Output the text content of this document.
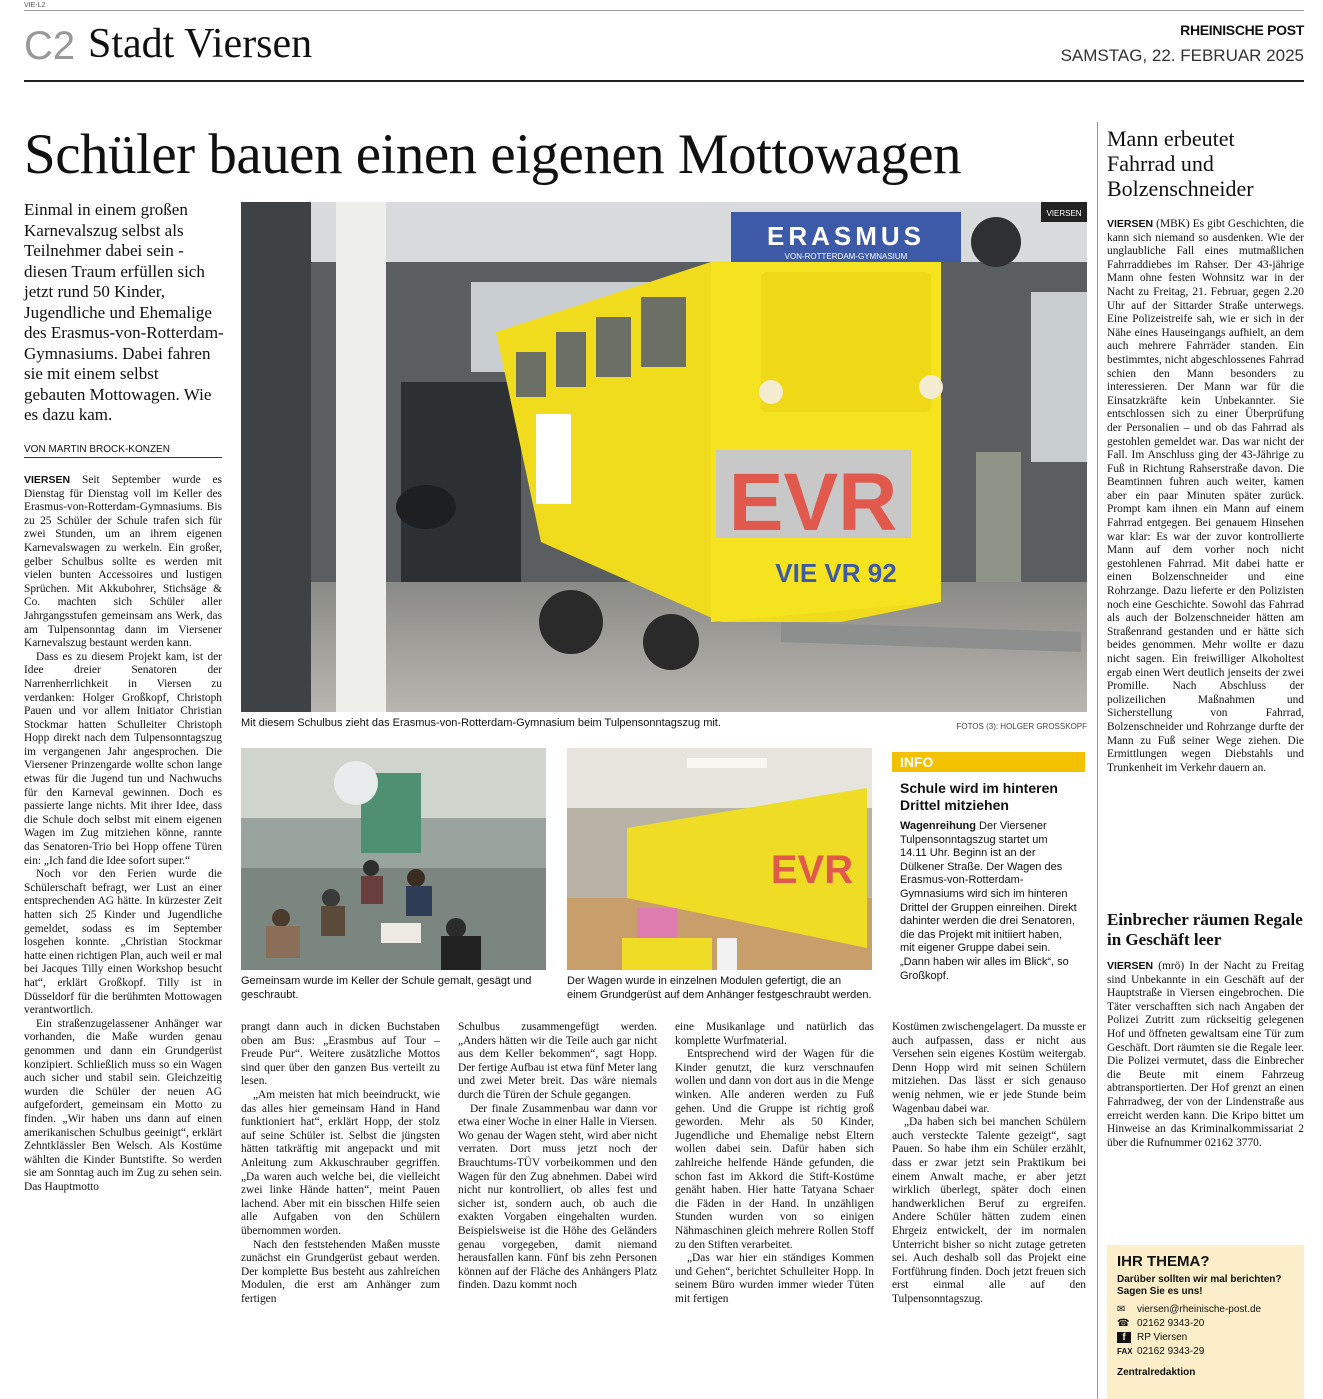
VIE-L2
C2 Stadt Viersen	RHEINISCHE POST
SAMSTAG, 22. FEBRUAR 2025
Schüler bauen einen eigenen Mottowagen
Einmal in einem großen Karnevalszug selbst als Teilnehmer dabei sein - diesen Traum erfüllen sich jetzt rund 50 Kinder, Jugendliche und Ehemalige des Erasmus-von-Rotterdam-Gymnasiums. Dabei fahren sie mit einem selbst gebauten Mottowagen. Wie es dazu kam.
VON MARTIN BROCK-KONZEN

VIERSEN Seit September wurde es Dienstag für Dienstag voll im Keller des Erasmus-von-Rotterdam-Gymnasiums. Bis zu 25 Schüler der Schule trafen sich für zwei Stunden, um an ihrem eigenen Karnevalswagen zu werkeln. Ein großer, gelber Schulbus sollte es werden mit vielen bunten Accessoires und lustigen Sprüchen. Mit Akkubohrer, Stichsäge & Co. machten sich Schüler aller Jahrgangsstufen gemeinsam ans Werk, das am Tulpensonntag dann im Viersener Karnevalszug bestaunt werden kann.

Dass es zu diesem Projekt kam, ist der Idee dreier Senatoren der Narrenherrlichkeit in Viersen zu verdanken: Holger Großkopf, Christoph Pauen und vor allem Initiator Christian Stockmar hatten Schulleiter Christoph Hopp direkt nach dem Tulpensonntagszug im vergangenen Jahr angesprochen. Die Viersener Prinzengarde wollte schon lange etwas für die Jugend tun und Nachwuchs für den Karneval gewinnen. Doch es passierte lange nichts. Mit ihrer Idee, dass die Schule doch selbst mit einem eigenen Wagen im Zug mitziehen könne, rannte das Senatoren-Trio bei Hopp offene Türen ein: „Ich fand die Idee sofort super.“

Noch vor den Ferien wurde die Schülerschaft befragt, wer Lust an einer entsprechenden AG hätte. In kürzester Zeit hatten sich 25 Kinder und Jugendliche gemeldet, sodass es im September losgehen konnte. „Christian Stockmar hatte einen richtigen Plan, auch weil er mal bei Jacques Tilly einen Workshop besucht hat“, erklärt Großkopf. Tilly ist in Düsseldorf für die berühmten Mottowagen verantwortlich.

Ein straßenzugelassener Anhänger war vorhanden, die Maße wurden genau genommen und dann ein Grundgerüst konzipiert. Schließlich muss so ein Wagen auch sicher und stabil sein. Gleichzeitig wurden die Schüler der neuen AG aufgefordert, gemeinsam ein Motto zu finden. „Wir haben uns dann auf einen amerikanischen Schulbus geeinigt“, erklärt Zehntklässler Ben Welsch. Als Kostüme wählten die Kinder Buntstifte. So werden sie am Sonntag auch im Zug zu sehen sein. Das Hauptmotto

ERASMUS
VON-ROTTERDAM-GYMNASIUM
EVR
VIE VR 92
VIERSEN
Mit diesem Schulbus zieht das Erasmus-von-Rotterdam-Gymnasium beim Tulpensonntagszug mit.	FOTOS (3): HOLGER GROSSKOPF
Gemeinsam wurde im Keller der Schule gemalt, gesägt und geschraubt.
EVR
Der Wagen wurde in einzelnen Modulen gefertigt, die an einem Grundgerüst auf dem Anhänger festgeschraubt werden.
INFO
Schule wird im hinteren Drittel mitziehen
Wagenreihung Der Viersener Tulpensonntagszug startet um 14.11 Uhr. Beginn ist an der Dülkener Straße. Der Wagen des Erasmus-von-Rotterdam-Gymnasiums wird sich im hinteren Drittel der Gruppen einreihen. Direkt dahinter werden die drei Senatoren, die das Projekt mit initiiert haben, mit eigener Gruppe dabei sein. „Dann haben wir alles im Blick“, so Großkopf.

prangt dann auch in dicken Buchstaben oben am Bus: „Erasmbus auf Tour – Freude Pur“. Weitere zusätzliche Mottos sind quer über den ganzen Bus verteilt zu lesen.

„Am meisten hat mich beeindruckt, wie das alles hier gemeinsam Hand in Hand funktioniert hat“, erklärt Hopp, der stolz auf seine Schüler ist. Selbst die jüngsten hätten tatkräftig mit angepackt und mit Anleitung zum Akkuschrauber gegriffen. „Da waren auch welche bei, die vielleicht zwei linke Hände hatten“, meint Pauen lachend. Aber mit ein bisschen Hilfe seien alle Aufgaben von den Schülern übernommen worden.

Nach den feststehenden Maßen musste zunächst ein Grundgerüst gebaut werden. Der komplette Bus besteht aus zahlreichen Modulen, die erst am Anhänger zum fertigen

Schulbus zusammengefügt werden. „Anders hätten wir die Teile auch gar nicht aus dem Keller bekommen“, sagt Hopp. Der fertige Aufbau ist etwa fünf Meter lang und zwei Meter breit. Das wäre niemals durch die Türen der Schule gegangen.

Der finale Zusammenbau war dann vor etwa einer Woche in einer Halle in Viersen. Wo genau der Wagen steht, wird aber nicht verraten. Dort muss jetzt noch der Brauchtums-TÜV vorbeikommen und den Wagen für den Zug abnehmen. Dabei wird nicht nur kontrolliert, ob alles fest und sicher ist, sondern auch, ob auch die exakten Vorgaben eingehalten wurden. Beispielsweise ist die Höhe des Geländers genau vorgegeben, damit niemand herausfallen kann. Fünf bis zehn Personen können auf der Fläche des Anhängers Platz finden. Dazu kommt noch

eine Musikanlage und natürlich das komplette Wurfmaterial.

Entsprechend wird der Wagen für die Kinder genutzt, die kurz verschnaufen wollen und dann von dort aus in die Menge winken. Alle anderen werden zu Fuß gehen. Und die Gruppe ist richtig groß geworden. Mehr als 50 Kinder, Jugendliche und Ehemalige nebst Eltern wollen dabei sein. Dafür haben sich zahlreiche helfende Hände gefunden, die schon fast im Akkord die Stift-Kostüme genäht haben. Hier hatte Tatyana Schaer die Fäden in der Hand. In unzähligen Stunden wurden von so einigen Nähmaschinen gleich mehrere Rollen Stoff zu den Stiften verarbeitet.

„Das war hier ein ständiges Kommen und Gehen“, berichtet Schulleiter Hopp. In seinem Büro wurden immer wieder Tüten mit fertigen

Kostümen zwischengelagert. Da musste er auch aufpassen, dass er nicht aus Versehen sein eigenes Kostüm weitergab. Denn Hopp wird mit seinen Schülern mitziehen. Das lässt er sich genauso wenig nehmen, wie er jede Stunde beim Wagenbau dabei war.

„Da haben sich bei manchen Schülern auch versteckte Talente gezeigt“, sagt Pauen. So habe ihm ein Schüler erzählt, dass er zwar jetzt sein Praktikum bei einem Anwalt mache, er aber jetzt wirklich überlegt, später doch einen handwerklichen Beruf zu ergreifen. Andere Schüler hätten zudem einen Ehrgeiz entwickelt, der im normalen Unterricht bisher so nicht zutage getreten sei. Auch deshalb soll das Projekt eine Fortführung finden. Doch jetzt freuen sich erst einmal alle auf den Tulpensonntagszug.

Mann erbeutet Fahrrad und Bolzenschneider

VIERSEN (MBK) Es gibt Geschichten, die kann sich niemand so ausdenken. Wie der unglaubliche Fall eines mutmaßlichen Fahrraddiebes im Rahser. Der 43-jährige Mann ohne festen Wohnsitz war in der Nacht zu Freitag, 21. Februar, gegen 2.20 Uhr auf der Sittarder Straße unterwegs. Eine Polizeistreife sah, wie er sich in der Nähe eines Hauseingangs aufhielt, an dem auch mehrere Fahrräder standen. Ein bestimmtes, nicht abgeschlossenes Fahrrad schien den Mann besonders zu interessieren. Der Mann war für die Einsatzkräfte kein Unbekannter. Sie entschlossen sich zu einer Überprüfung der Personalien – und ob das Fahrrad als gestohlen gemeldet war. Das war nicht der Fall. Im Anschluss ging der 43-Jährige zu Fuß in Richtung Rahserstraße davon. Die Beamtinnen fuhren auch weiter, kamen aber ein paar Minuten später zurück. Prompt kam ihnen ein Mann auf einem Fahrrad entgegen. Bei genauem Hinsehen war klar: Es war der zuvor kontrollierte Mann auf dem vorher noch nicht gestohlenen Fahrrad. Mit dabei hatte er einen Bolzenschneider und eine Rohrzange. Dazu lieferte er den Polizisten noch eine Geschichte. Sowohl das Fahrrad als auch der Bolzenschneider hätten am Straßenrand gestanden und er hätte sich beides genommen. Mehr wollte er dazu nicht sagen. Ein freiwilliger Alkoholtest ergab einen Wert deutlich jenseits der zwei Promille. Nach Abschluss der polizeilichen Maßnahmen und Sicherstellung von Fahrrad, Bolzenschneider und Rohrzange durfte der Mann zu Fuß seiner Wege ziehen. Die Ermittlungen wegen Diebstahls und Trunkenheit im Verkehr dauern an.

Einbrecher räumen Regale in Geschäft leer

VIERSEN (mrö) In der Nacht zu Freitag sind Unbekannte in ein Geschäft auf der Hauptstraße in Viersen eingebrochen. Die Täter verschafften sich nach Angaben der Polizei Zutritt zum rückseitig gelegenen Hof und öffneten gewaltsam eine Tür zum Geschäft. Dort räumten sie die Regale leer. Die Polizei vermutet, dass die Einbrecher die Beute mit einem Fahrzeug abtransportierten. Der Hof grenzt an einen Fahrradweg, der von der Lindenstraße aus erreicht werden kann. Die Kripo bittet um Hinweise an das Kriminalkommissariat 2 über die Rufnummer 02162 3770.

IHR THEMA?
Darüber sollten wir mal berichten? Sagen Sie es uns!
✉	viersen@rheinische-post.de
☎ 02162 9343-20
f	RP Viersen
FAX 02162 9343-29
Zentralredaktion
